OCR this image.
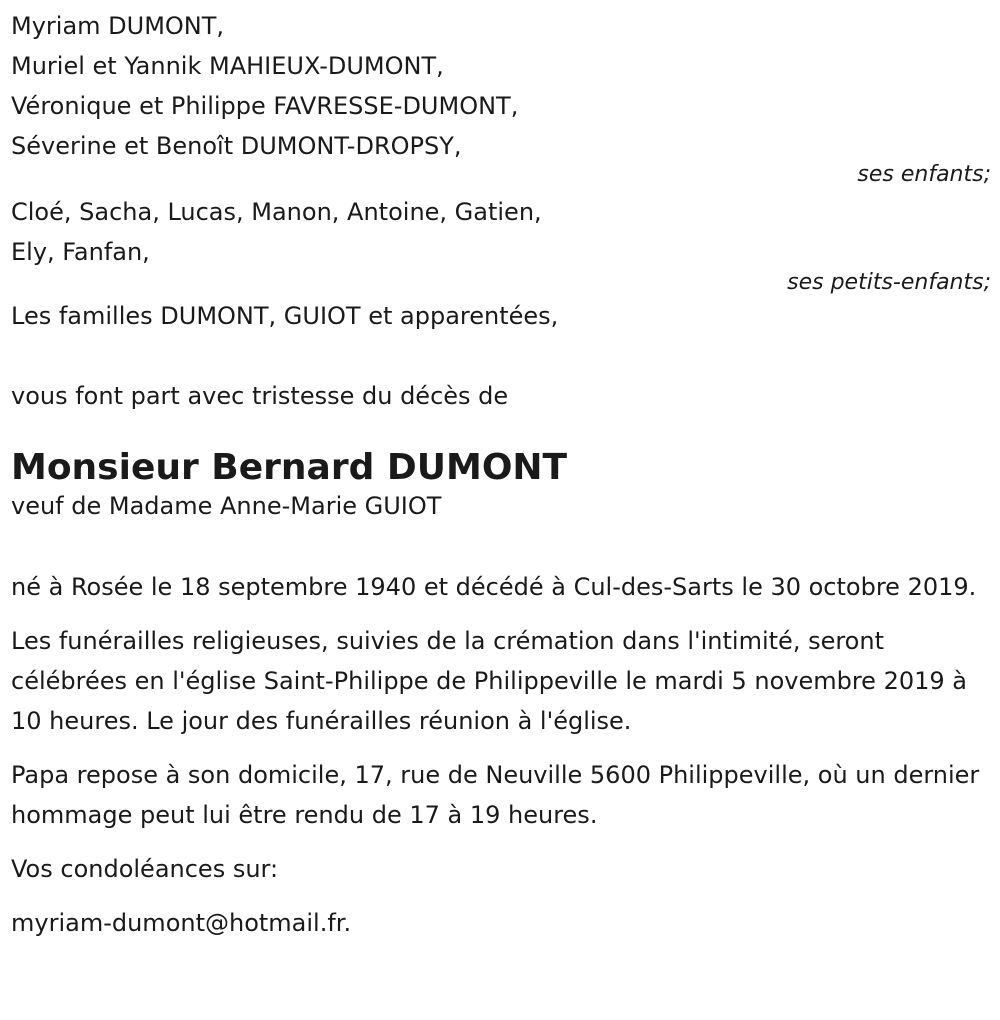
Myriam DUMONT,

Muriel et Yannik MAHIEUX-DUMONT,

Véronique et Philippe FAVRESSE-DUMONT,

Séverine et Benoît DUMONT-DROPSY,

ses enfants;

Cloé, Sacha, Lucas, Manon, Antoine, Gatien,

Ely, Fanfan,

ses petits-enfants;

Les familles DUMONT, GUIOT et apparentées,

vous font part avec tristesse du décès de

Monsieur Bernard DUMONT

veuf de Madame Anne-Marie GUIOT

né à Rosée le 18 septembre 1940 et décédé à Cul-des-Sarts le 30 octobre 2019.

Les funérailles religieuses, suivies de la crémation dans l'intimité, seront célébrées en l'église Saint-Philippe de Philippeville le mardi 5 novembre 2019 à 10 heures. Le jour des funérailles réunion à l'église.

Papa repose à son domicile, 17, rue de Neuville 5600 Philippeville, où un dernier hommage peut lui être rendu de 17 à 19 heures.

Vos condoléances sur:

myriam-dumont@hotmail.fr.
